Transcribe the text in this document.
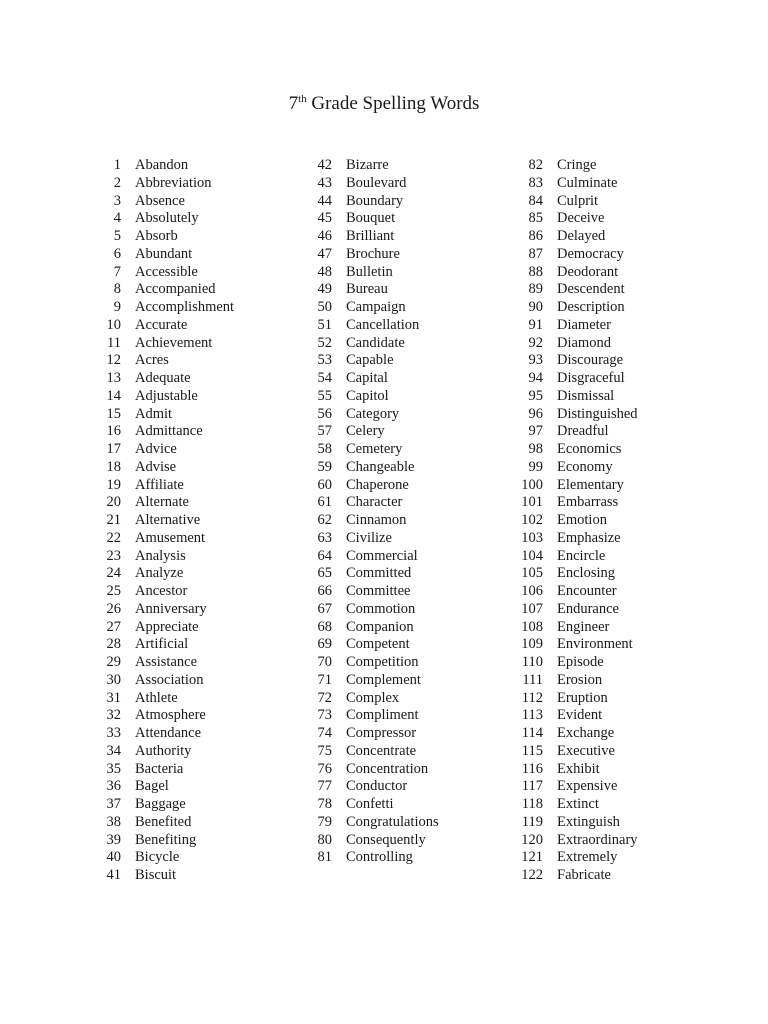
7th Grade Spelling Words
1 Abandon
2 Abbreviation
3 Absence
4 Absolutely
5 Absorb
6 Abundant
7 Accessible
8 Accompanied
9 Accomplishment
10 Accurate
11 Achievement
12 Acres
13 Adequate
14 Adjustable
15 Admit
16 Admittance
17 Advice
18 Advise
19 Affiliate
20 Alternate
21 Alternative
22 Amusement
23 Analysis
24 Analyze
25 Ancestor
26 Anniversary
27 Appreciate
28 Artificial
29 Assistance
30 Association
31 Athlete
32 Atmosphere
33 Attendance
34 Authority
35 Bacteria
36 Bagel
37 Baggage
38 Benefited
39 Benefiting
40 Bicycle
41 Biscuit
42 Bizarre
43 Boulevard
44 Boundary
45 Bouquet
46 Brilliant
47 Brochure
48 Bulletin
49 Bureau
50 Campaign
51 Cancellation
52 Candidate
53 Capable
54 Capital
55 Capitol
56 Category
57 Celery
58 Cemetery
59 Changeable
60 Chaperone
61 Character
62 Cinnamon
63 Civilize
64 Commercial
65 Committed
66 Committee
67 Commotion
68 Companion
69 Competent
70 Competition
71 Complement
72 Complex
73 Compliment
74 Compressor
75 Concentrate
76 Concentration
77 Conductor
78 Confetti
79 Congratulations
80 Consequently
81 Controlling
82 Cringe
83 Culminate
84 Culprit
85 Deceive
86 Delayed
87 Democracy
88 Deodorant
89 Descendent
90 Description
91 Diameter
92 Diamond
93 Discourage
94 Disgraceful
95 Dismissal
96 Distinguished
97 Dreadful
98 Economics
99 Economy
100 Elementary
101 Embarrass
102 Emotion
103 Emphasize
104 Encircle
105 Enclosing
106 Encounter
107 Endurance
108 Engineer
109 Environment
110 Episode
111 Erosion
112 Eruption
113 Evident
114 Exchange
115 Executive
116 Exhibit
117 Expensive
118 Extinct
119 Extinguish
120 Extraordinary
121 Extremely
122 Fabricate
